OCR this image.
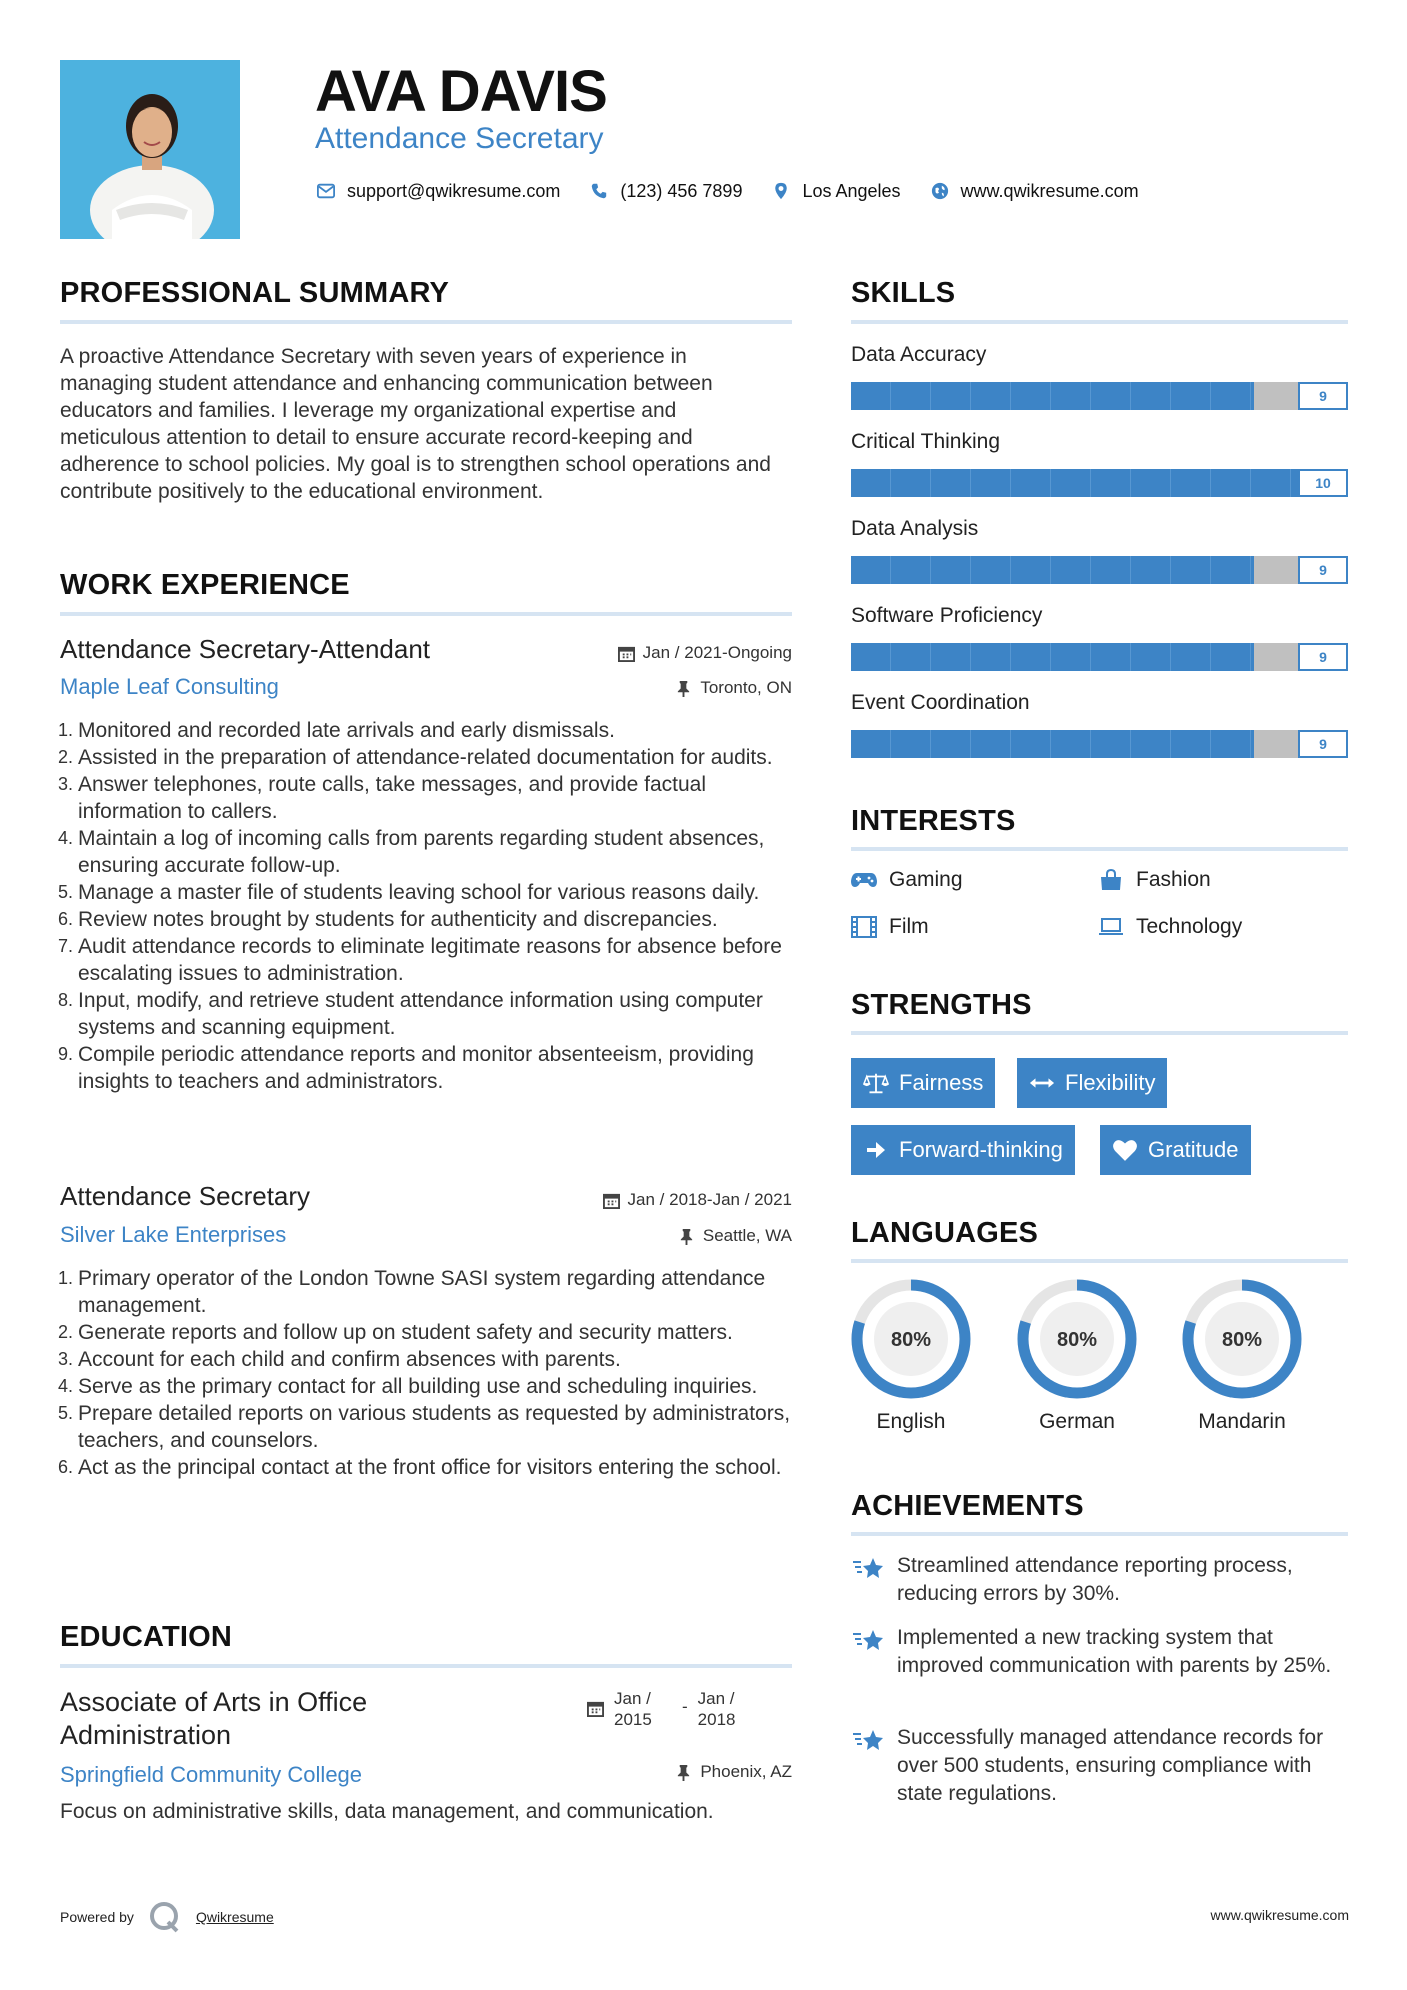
AVA DAVIS
Attendance Secretary
support@qwikresume.com	(123) 456 7899	Los Angeles	www.qwikresume.com
PROFESSIONAL SUMMARY
A proactive Attendance Secretary with seven years of experience in managing student attendance and enhancing communication between educators and families. I leverage my organizational expertise and meticulous attention to detail to ensure accurate record-keeping and adherence to school policies. My goal is to strengthen school operations and contribute positively to the educational environment.
WORK EXPERIENCE
Attendance Secretary-Attendant	Jan / 2021-Ongoing
Maple Leaf Consulting	Toronto, ON
1. Monitored and recorded late arrivals and early dismissals.
2. Assisted in the preparation of attendance-related documentation for audits.
3. Answer telephones, route calls, take messages, and provide factual information to callers.
4. Maintain a log of incoming calls from parents regarding student absences, ensuring accurate follow-up.
5. Manage a master file of students leaving school for various reasons daily.
6. Review notes brought by students for authenticity and discrepancies.
7. Audit attendance records to eliminate legitimate reasons for absence before escalating issues to administration.
8. Input, modify, and retrieve student attendance information using computer systems and scanning equipment.
9. Compile periodic attendance reports and monitor absenteeism, providing insights to teachers and administrators.
Attendance Secretary	Jan / 2018-Jan / 2021
Silver Lake Enterprises	Seattle, WA
1. Primary operator of the London Towne SASI system regarding attendance management.
2. Generate reports and follow up on student safety and security matters.
3. Account for each child and confirm absences with parents.
4. Serve as the primary contact for all building use and scheduling inquiries.
5. Prepare detailed reports on various students as requested by administrators, teachers, and counselors.
6. Act as the principal contact at the front office for visitors entering the school.
EDUCATION
Associate of Arts in Office Administration
Jan / 2015
- Jan / 2018
Springfield Community College	Phoenix, AZ
Focus on administrative skills, data management, and communication.
SKILLS
Data Accuracy
9
Critical Thinking
10
Data Analysis
9
Software Proficiency
9
Event Coordination
9
INTERESTS
Gaming	Fashion
Film	Technology
STRENGTHS
Fairness	Flexibility
Forward-thinking	Gratitude
LANGUAGES
80%
English
80%
German
80%
Mandarin
ACHIEVEMENTS
Streamlined attendance reporting process, reducing errors by 30%.
Implemented a new tracking system that improved communication with parents by 25%.
Successfully managed attendance records for over 500 students, ensuring compliance with state regulations.
Powered by	Qwikresume	www.qwikresume.com
